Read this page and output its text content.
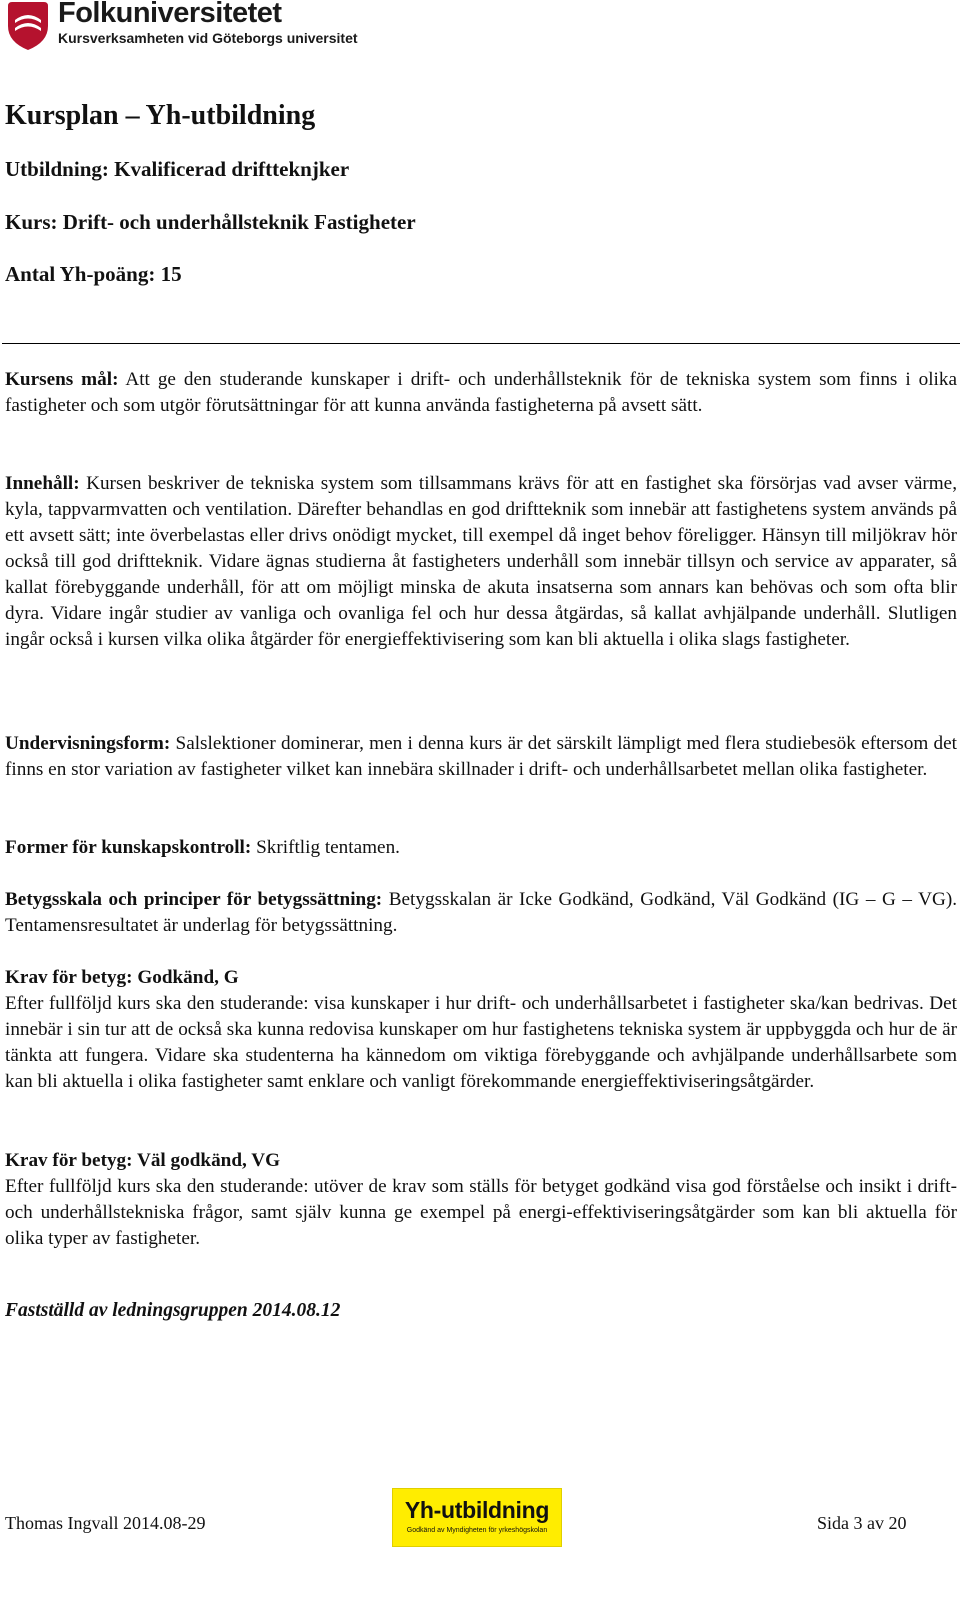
Folkuniversitetet
Kursverksamheten vid Göteborgs universitet
Kursplan – Yh-utbildning

Utbildning: Kvalificerad driftteknjker

Kurs: Drift- och underhållsteknik Fastigheter

Antal Yh-poäng: 15

Kursens mål: Att ge den studerande kunskaper i drift- och underhållsteknik för de tekniska system som finns i olika fastigheter och som utgör förutsättningar för att kunna använda fastigheterna på avsett sätt.

Innehåll: Kursen beskriver de tekniska system som tillsammans krävs för att en fastighet ska försörjas vad avser värme, kyla, tappvarmvatten och ventilation. Därefter behandlas en god driftteknik som innebär att fastighetens system används på ett avsett sätt; inte överbelastas eller drivs onödigt mycket, till exempel då inget behov föreligger. Hänsyn till miljökrav hör också till god driftteknik. Vidare ägnas studierna åt fastigheters underhåll som innebär tillsyn och service av apparater, så kallat förebyggande underhåll, för att om möjligt minska de akuta insatserna som annars kan behövas och som ofta blir dyra. Vidare ingår studier av vanliga och ovanliga fel och hur dessa åtgärdas, så kallat avhjälpande underhåll. Slutligen ingår också i kursen vilka olika åtgärder för energieffektivisering som kan bli aktuella i olika slags fastigheter.

Undervisningsform: Salslektioner dominerar, men i denna kurs är det särskilt lämpligt med flera studiebesök eftersom det finns en stor variation av fastigheter vilket kan innebära skillnader i drift- och underhållsarbetet mellan olika fastigheter.

Former för kunskapskontroll: Skriftlig tentamen.

Betygsskala och principer för betygssättning: Betygsskalan är Icke Godkänd, Godkänd, Väl Godkänd (IG – G – VG). Tentamensresultatet är underlag för betygssättning.

Krav för betyg: Godkänd, G
Efter fullföljd kurs ska den studerande: visa kunskaper i hur drift- och underhållsarbetet i fastigheter ska/kan bedrivas. Det innebär i sin tur att de också ska kunna redovisa kunskaper om hur fastighetens tekniska system är uppbyggda och hur de är tänkta att fungera. Vidare ska studenterna ha kännedom om viktiga förebyggande och avhjälpande underhållsarbete som kan bli aktuella i olika fastigheter samt enklare och vanligt förekommande energieffektiviseringsåtgärder.

Krav för betyg: Väl godkänd, VG
Efter fullföljd kurs ska den studerande: utöver de krav som ställs för betyget godkänd visa god förståelse och insikt i drift- och underhållstekniska frågor, samt själv kunna ge exempel på energi-effektiviseringsåtgärder som kan bli aktuella för olika typer av fastigheter.

Fastställd av ledningsgruppen 2014.08.12

Thomas Ingvall 2014.08-29	Yh-utbildning
Godkänd av Myndigheten för yrkeshögskolan	Sida 3 av 20
